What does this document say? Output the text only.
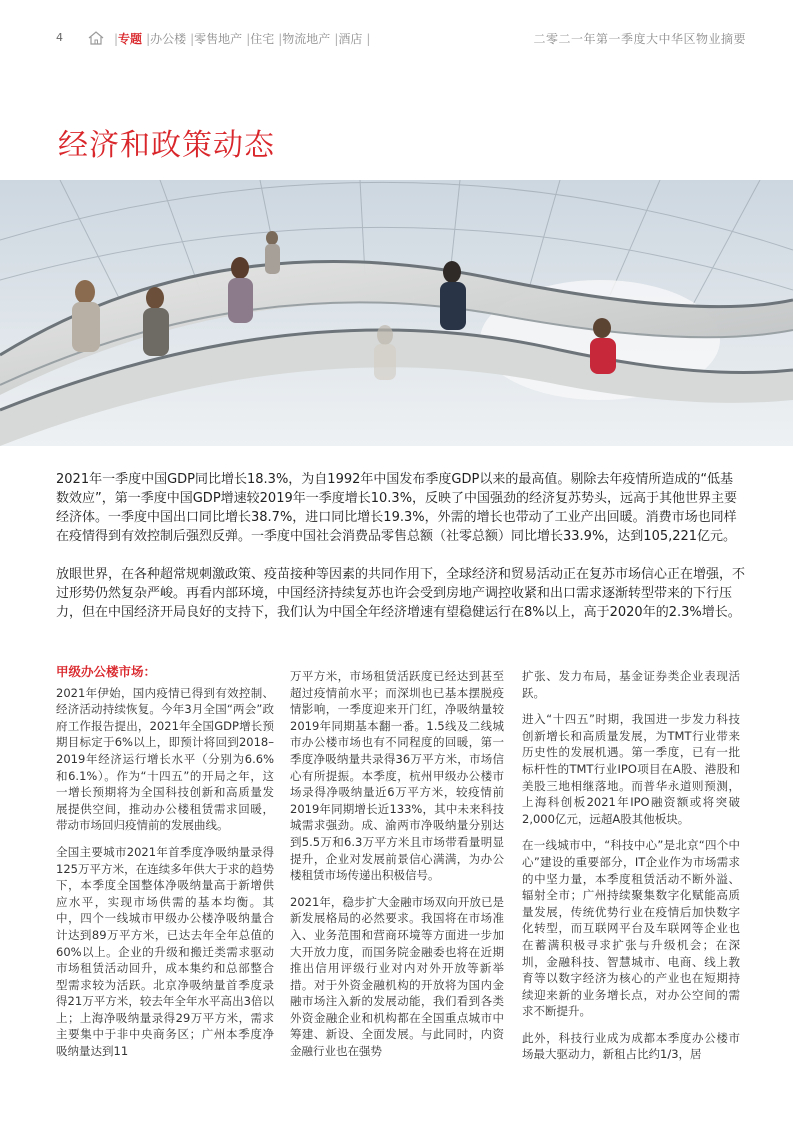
4	|专题 |办公楼 |零售地产 |住宅 |物流地产 |酒店 |	二零二一年第一季度大中华区物业摘要
经济和政策动态
2021年一季度中国GDP同比增长18.3%，为自1992年中国发布季度GDP以来的最高值。剔除去年疫情所造成的“低基数效应”，第一季度中国GDP增速较2019年一季度增长10.3%，反映了中国强劲的经济复苏势头，远高于其他世界主要经济体。一季度中国出口同比增长38.7%，进口同比增长19.3%，外需的增长也带动了工业产出回暖。消费市场也同样在疫情得到有效控制后强烈反弹。一季度中国社会消费品零售总额（社零总额）同比增长33.9%，达到105,221亿元。
放眼世界，在各种超常规刺激政策、疫苗接种等因素的共同作用下，全球经济和贸易活动正在复苏市场信心正在增强，不过形势仍然复杂严峻。再看内部环境，中国经济持续复苏也许会受到房地产调控收紧和出口需求逐渐转型带来的下行压力，但在中国经济开局良好的支持下，我们认为中国全年经济增速有望稳健运行在8%以上，高于2020年的2.3%增长。
甲级办公楼市场：

2021年伊始，国内疫情已得到有效控制、经济活动持续恢复。今年3月全国“两会”政府工作报告提出，2021年全国GDP增长预期目标定于6%以上，即预计将回到2018–2019年经济运行增长水平（分别为6.6%和6.1%）。作为“十四五”的开局之年，这一增长预期将为全国科技创新和高质量发展提供空间，推动办公楼租赁需求回暖，带动市场回归疫情前的发展曲线。

全国主要城市2021年首季度净吸纳量录得125万平方米，在连续多年供大于求的趋势下，本季度全国整体净吸纳量高于新增供应水平，实现市场供需的基本均衡。其中，四个一线城市甲级办公楼净吸纳量合计达到89万平方米，已达去年全年总值的60%以上。企业的升级和搬迁类需求驱动市场租赁活动回升，成本集约和总部整合型需求较为活跃。北京净吸纳量首季度录得21万平方米，较去年全年水平高出3倍以上；上海净吸纳量录得29万平方米，需求主要集中于非中央商务区；广州本季度净吸纳量达到11

万平方米，市场租赁活跃度已经达到甚至超过疫情前水平；而深圳也已基本摆脱疫情影响，一季度迎来开门红，净吸纳量较2019年同期基本翻一番。1.5线及二线城市办公楼市场也有不同程度的回暖，第一季度净吸纳量共录得36万平方米，市场信心有所提振。本季度，杭州甲级办公楼市场录得净吸纳量近6万平方米，较疫情前2019年同期增长近133%，其中未来科技城需求强劲。成、渝两市净吸纳量分别达到5.5万和6.3万平方米且市场带看量明显提升，企业对发展前景信心满满，为办公楼租赁市场传递出积极信号。

2021年，稳步扩大金融市场双向开放已是新发展格局的必然要求。我国将在市场准入、业务范围和营商环境等方面进一步加大开放力度，而国务院金融委也将在近期推出信用评级行业对内对外开放等新举措。对于外资金融机构的开放将为国内金融市场注入新的发展动能，我们看到各类外资金融企业和机构都在全国重点城市中筹建、新设、全面发展。与此同时，内资金融行业也在强势

扩张、发力布局，基金证券类企业表现活跃。

进入“十四五”时期，我国进一步发力科技创新增长和高质量发展，为TMT行业带来历史性的发展机遇。第一季度，已有一批标杆性的TMT行业IPO项目在A股、港股和美股三地相继落地。而普华永道则预测，上海科创板2021年IPO融资额或将突破2,000亿元，远超A股其他板块。

在一线城市中，“科技中心”是北京“四个中心”建设的重要部分，IT企业作为市场需求的中坚力量，本季度租赁活动不断外溢、辐射全市；广州持续聚集数字化赋能高质量发展，传统优势行业在疫情后加快数字化转型，而互联网平台及车联网等企业也在蓄满积极寻求扩张与升级机会；在深圳，金融科技、智慧城市、电商、线上教育等以数字经济为核心的产业也在短期持续迎来新的业务增长点，对办公空间的需求不断提升。

此外，科技行业成为成都本季度办公楼市场最大驱动力，新租占比约1/3，居
